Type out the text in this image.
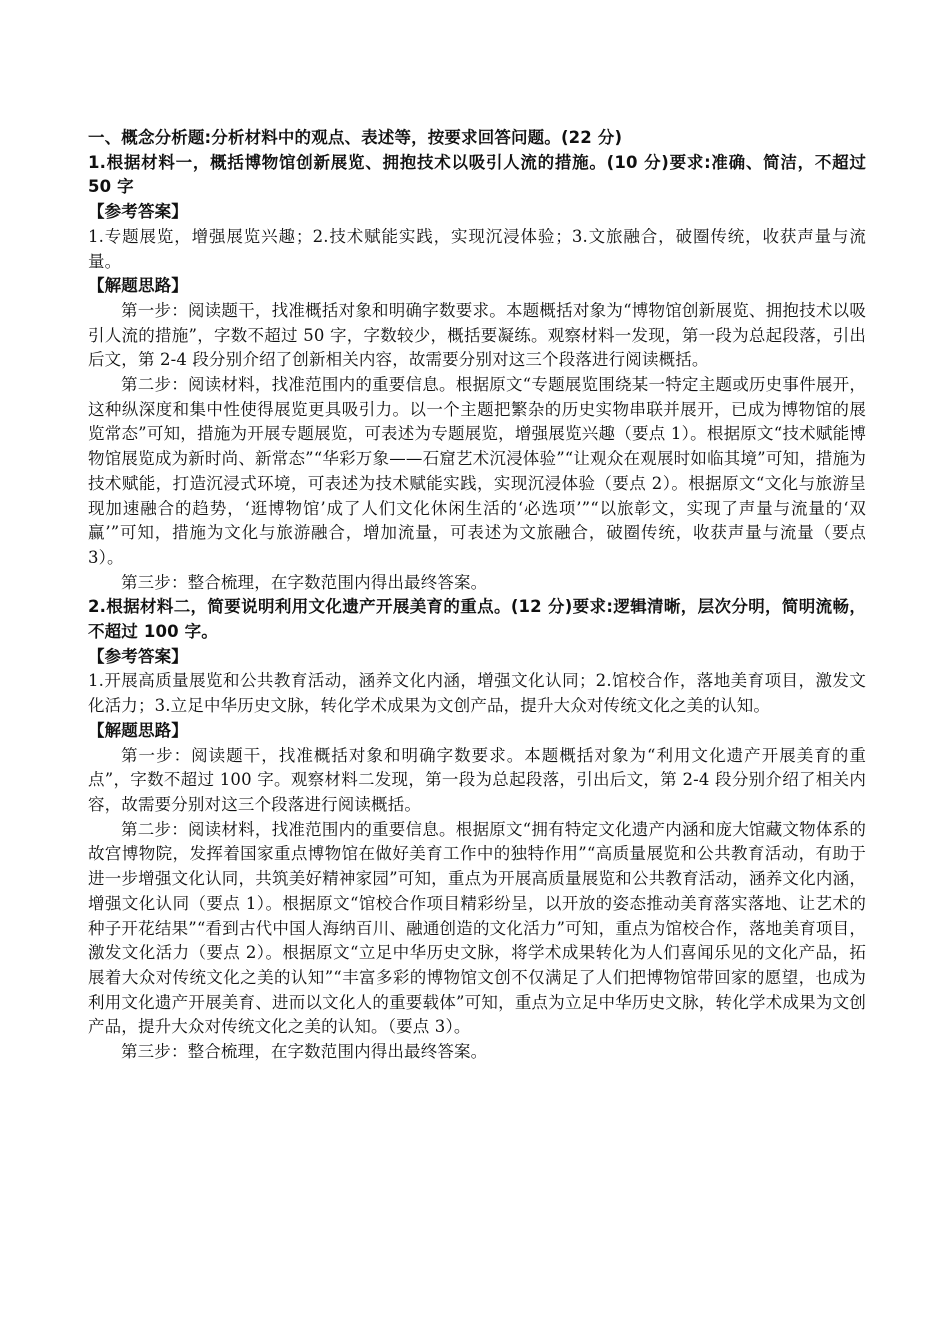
一、概念分析题:分析材料中的观点、表述等，按要求回答问题。(22 分)

1.根据材料一，概括博物馆创新展览、拥抱技术以吸引人流的措施。(10 分)要求:准确、简洁，不超过 50 字

【参考答案】

1.专题展览，增强展览兴趣；2.技术赋能实践，实现沉浸体验；3.文旅融合，破圈传统，收获声量与流量。

【解题思路】

第一步：阅读题干，找准概括对象和明确字数要求。本题概括对象为“博物馆创新展览、拥抱技术以吸引人流的措施”，字数不超过 50 字，字数较少，概括要凝练。观察材料一发现，第一段为总起段落，引出后文，第 2-4 段分别介绍了创新相关内容，故需要分别对这三个段落进行阅读概括。

第二步：阅读材料，找准范围内的重要信息。根据原文“专题展览围绕某一特定主题或历史事件展开，这种纵深度和集中性使得展览更具吸引力。以一个主题把繁杂的历史实物串联并展开，已成为博物馆的展览常态”可知，措施为开展专题展览，可表述为专题展览，增强展览兴趣（要点 1）。根据原文“技术赋能博物馆展览成为新时尚、新常态”“华彩万象——石窟艺术沉浸体验”“让观众在观展时如临其境”可知，措施为技术赋能，打造沉浸式环境，可表述为技术赋能实践，实现沉浸体验（要点 2）。根据原文“文化与旅游呈现加速融合的趋势，‘逛博物馆’成了人们文化休闲生活的‘必选项’”“以旅彰文，实现了声量与流量的‘双赢’”可知，措施为文化与旅游融合，增加流量，可表述为文旅融合，破圈传统，收获声量与流量（要点3）。

第三步：整合梳理，在字数范围内得出最终答案。

2.根据材料二，简要说明利用文化遗产开展美育的重点。(12 分)要求:逻辑清晰，层次分明，简明流畅，不超过 100 字。

【参考答案】

1.开展高质量展览和公共教育活动，涵养文化内涵，增强文化认同；2.馆校合作，落地美育项目，激发文化活力；3.立足中华历史文脉，转化学术成果为文创产品，提升大众对传统文化之美的认知。

【解题思路】

第一步：阅读题干，找准概括对象和明确字数要求。本题概括对象为“利用文化遗产开展美育的重点”，字数不超过 100 字。观察材料二发现，第一段为总起段落，引出后文，第 2-4 段分别介绍了相关内容，故需要分别对这三个段落进行阅读概括。

第二步：阅读材料，找准范围内的重要信息。根据原文“拥有特定文化遗产内涵和庞大馆藏文物体系的故宫博物院，发挥着国家重点博物馆在做好美育工作中的独特作用”“高质量展览和公共教育活动，有助于进一步增强文化认同，共筑美好精神家园”可知，重点为开展高质量展览和公共教育活动，涵养文化内涵，增强文化认同（要点 1）。根据原文“馆校合作项目精彩纷呈，以开放的姿态推动美育落实落地、让艺术的种子开花结果”“看到古代中国人海纳百川、融通创造的文化活力”可知，重点为馆校合作，落地美育项目，激发文化活力（要点 2）。根据原文“立足中华历史文脉，将学术成果转化为人们喜闻乐见的文化产品，拓展着大众对传统文化之美的认知”“丰富多彩的博物馆文创不仅满足了人们把博物馆带回家的愿望，也成为利用文化遗产开展美育、进而以文化人的重要载体”可知，重点为立足中华历史文脉，转化学术成果为文创产品，提升大众对传统文化之美的认知。（要点 3）。

第三步：整合梳理，在字数范围内得出最终答案。
